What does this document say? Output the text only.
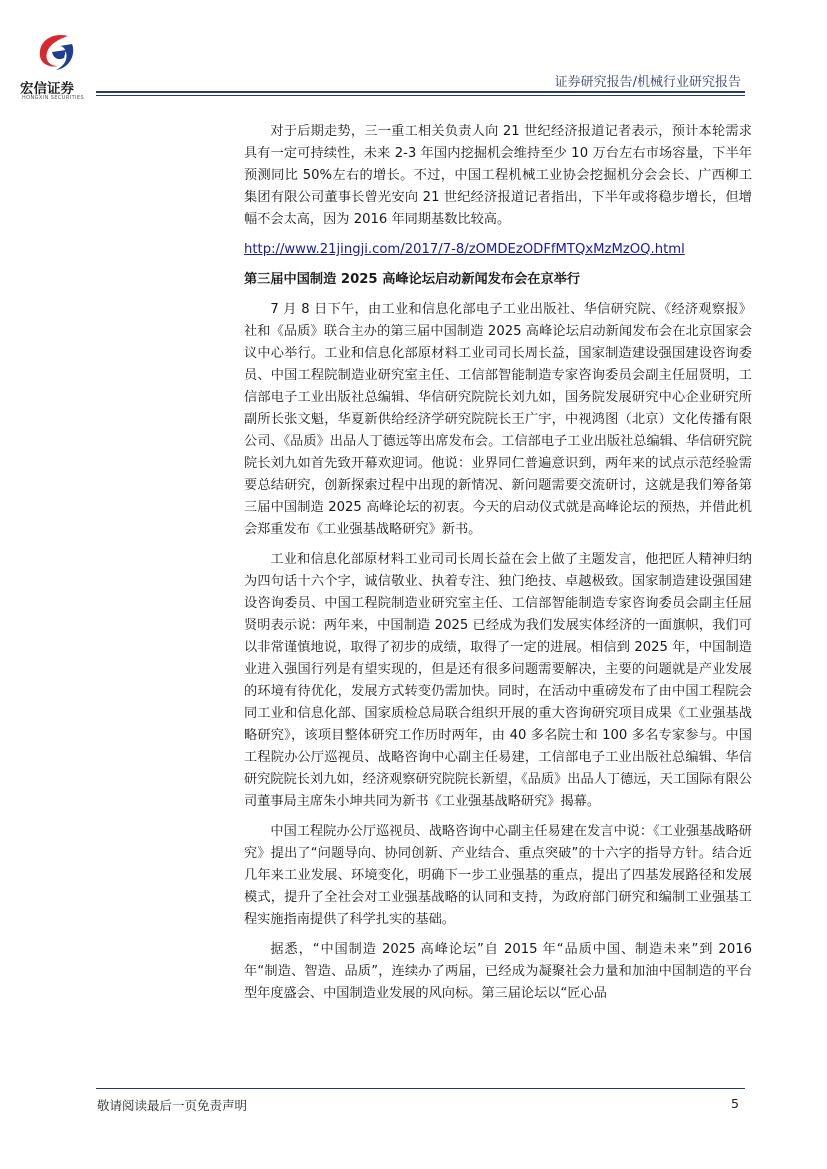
宏信证券
HONGXIN SECURITIES
证券研究报告/机械行业研究报告

对于后期走势，三一重工相关负责人向 21 世纪经济报道记者表示，预计本轮需求具有一定可持续性，未来 2-3 年国内挖掘机会维持至少 10 万台左右市场容量，下半年预测同比 50%左右的增长。不过，中国工程机械工业协会挖掘机分会会长、广西柳工集团有限公司董事长曾光安向 21 世纪经济报道记者指出，下半年或将稳步增长，但增幅不会太高，因为 2016 年同期基数比较高。

http://www.21jingji.com/2017/7-8/zOMDEzODFfMTQxMzMzOQ.html
第三届中国制造 2025 高峰论坛启动新闻发布会在京举行

7 月 8 日下午，由工业和信息化部电子工业出版社、华信研究院、《经济观察报》社和《品质》联合主办的第三届中国制造 2025 高峰论坛启动新闻发布会在北京国家会议中心举行。工业和信息化部原材料工业司司长周长益，国家制造建设强国建设咨询委员、中国工程院制造业研究室主任、工信部智能制造专家咨询委员会副主任屈贤明，工信部电子工业出版社总编辑、华信研究院院长刘九如，国务院发展研究中心企业研究所副所长张文魁，华夏新供给经济学研究院院长王广宇，中视鸿图（北京）文化传播有限公司、《品质》出品人丁德远等出席发布会。工信部电子工业出版社总编辑、华信研究院院长刘九如首先致开幕欢迎词。他说：业界同仁普遍意识到，两年来的试点示范经验需要总结研究，创新探索过程中出现的新情况、新问题需要交流研讨，这就是我们筹备第三届中国制造 2025 高峰论坛的初衷。今天的启动仪式就是高峰论坛的预热，并借此机会郑重发布《工业强基战略研究》新书。

工业和信息化部原材料工业司司长周长益在会上做了主题发言，他把匠人精神归纳为四句话十六个字，诚信敬业、执着专注、独门绝技、卓越极致。国家制造建设强国建设咨询委员、中国工程院制造业研究室主任、工信部智能制造专家咨询委员会副主任屈贤明表示说：两年来，中国制造 2025 已经成为我们发展实体经济的一面旗帜，我们可以非常谨慎地说，取得了初步的成绩，取得了一定的进展。相信到 2025 年，中国制造业进入强国行列是有望实现的，但是还有很多问题需要解决，主要的问题就是产业发展的环境有待优化，发展方式转变仍需加快。同时，在活动中重磅发布了由中国工程院会同工业和信息化部、国家质检总局联合组织开展的重大咨询研究项目成果《工业强基战略研究》，该项目整体研究工作历时两年，由 40 多名院士和 100 多名专家参与。中国工程院办公厅巡视员、战略咨询中心副主任易建，工信部电子工业出版社总编辑、华信研究院院长刘九如，经济观察研究院院长新望，《品质》出品人丁德远，天工国际有限公司董事局主席朱小坤共同为新书《工业强基战略研究》揭幕。

中国工程院办公厅巡视员、战略咨询中心副主任易建在发言中说：《工业强基战略研究》提出了“问题导向、协同创新、产业结合、重点突破”的十六字的指导方针。结合近几年来工业发展、环境变化，明确下一步工业强基的重点，提出了四基发展路径和发展模式，提升了全社会对工业强基战略的认同和支持，为政府部门研究和编制工业强基工程实施指南提供了科学扎实的基础。

据悉，“中国制造 2025 高峰论坛”自 2015 年“品质中国、制造未来”到 2016 年“制造、智造、品质”，连续办了两届，已经成为凝聚社会力量和加油中国制造的平台型年度盛会、中国制造业发展的风向标。第三届论坛以“匠心品

敬请阅读最后一页免责声明	5
